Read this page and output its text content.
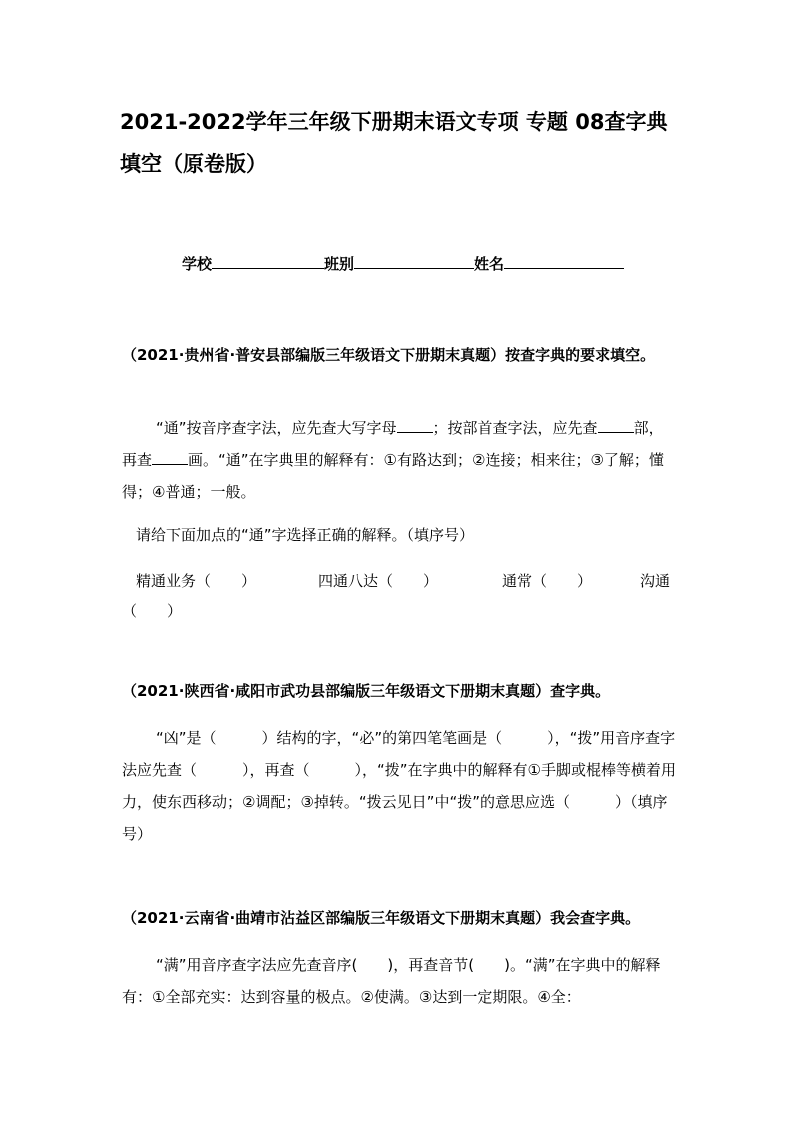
2021-2022学年三年级下册期末语文专项 专题 08查字典填空（原卷版）
学校	班别	姓名
（2021·贵州省·普安县部编版三年级语文下册期末真题）按查字典的要求填空。
“通”按音序查字法，应先查大写字母 ；按部首查字法，应先查 部，再查 画。“通”在字典里的解释有：①有路达到；②连接；相来往；③了解；懂得；④普通；一般。
请给下面加点的“通”字选择正确的解释。（填序号）
精通业务（　　）	四通八达（　　）	通常（　　）	沟通
（　　）
（2021·陕西省·咸阳市武功县部编版三年级语文下册期末真题）查字典。
“凶”是（　　　）结构的字，“必”的第四笔笔画是（　　　），“拨”用音序查字法应先查（　　　），再查（　　　），“拨”在字典中的解释有①手脚或棍棒等横着用力，使东西移动；②调配；③掉转。“拨云见日”中“拨”的意思应选（　　　）（填序号）
（2021·云南省·曲靖市沾益区部编版三年级语文下册期末真题）我会查字典。
“满”用音序查字法应先查音序(　　)，再查音节(　　)。“满”在字典中的解释有：①全部充实：达到容量的极点。②使满。③达到一定期限。④全：
